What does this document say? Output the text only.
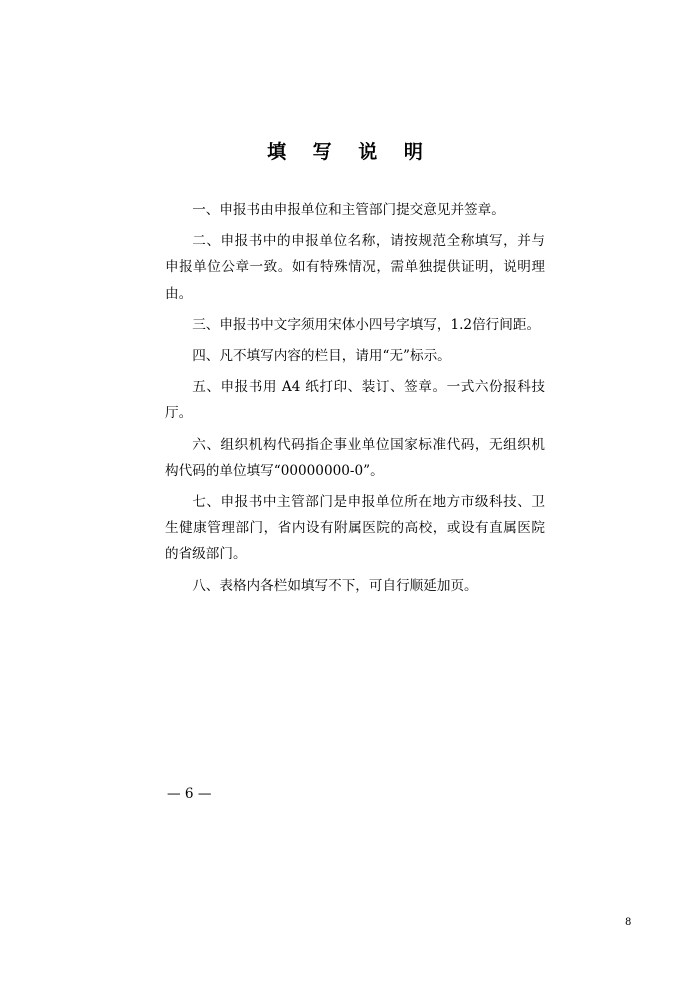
填 写 说 明

一、申报书由申报单位和主管部门提交意见并签章。

二、申报书中的申报单位名称，请按规范全称填写，并与申报单位公章一致。如有特殊情况，需单独提供证明，说明理由。

三、申报书中文字须用宋体小四号字填写，1.2倍行间距。

四、凡不填写内容的栏目，请用“无”标示。

五、申报书用 A4 纸打印、装订、签章。一式六份报科技厅。

六、组织机构代码指企事业单位国家标准代码，无组织机构代码的单位填写“00000000-0”。

七、申报书中主管部门是申报单位所在地方市级科技、卫生健康管理部门，省内设有附属医院的高校，或设有直属医院的省级部门。

八、表格内各栏如填写不下，可自行顺延加页。

— 6 —
8
